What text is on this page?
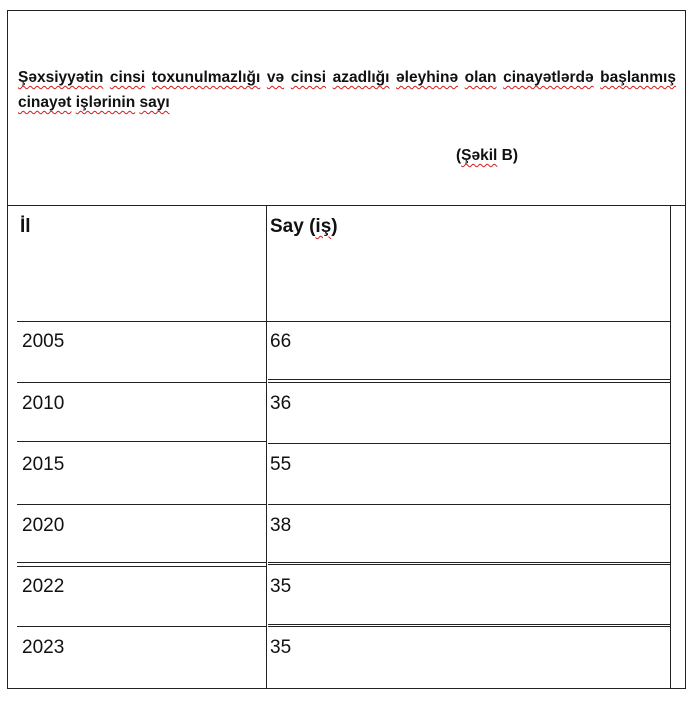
Şəxsiyyətin cinsi toxunulmazlığı və cinsi azadlığı əleyhinə olan cinayətlərdə başlanmış cinayət işlərinin sayı
(Şəkil B)
İl	Say (iş)
2005	66
2010	36
2015	55
2020	38
2022	35
2023	35
